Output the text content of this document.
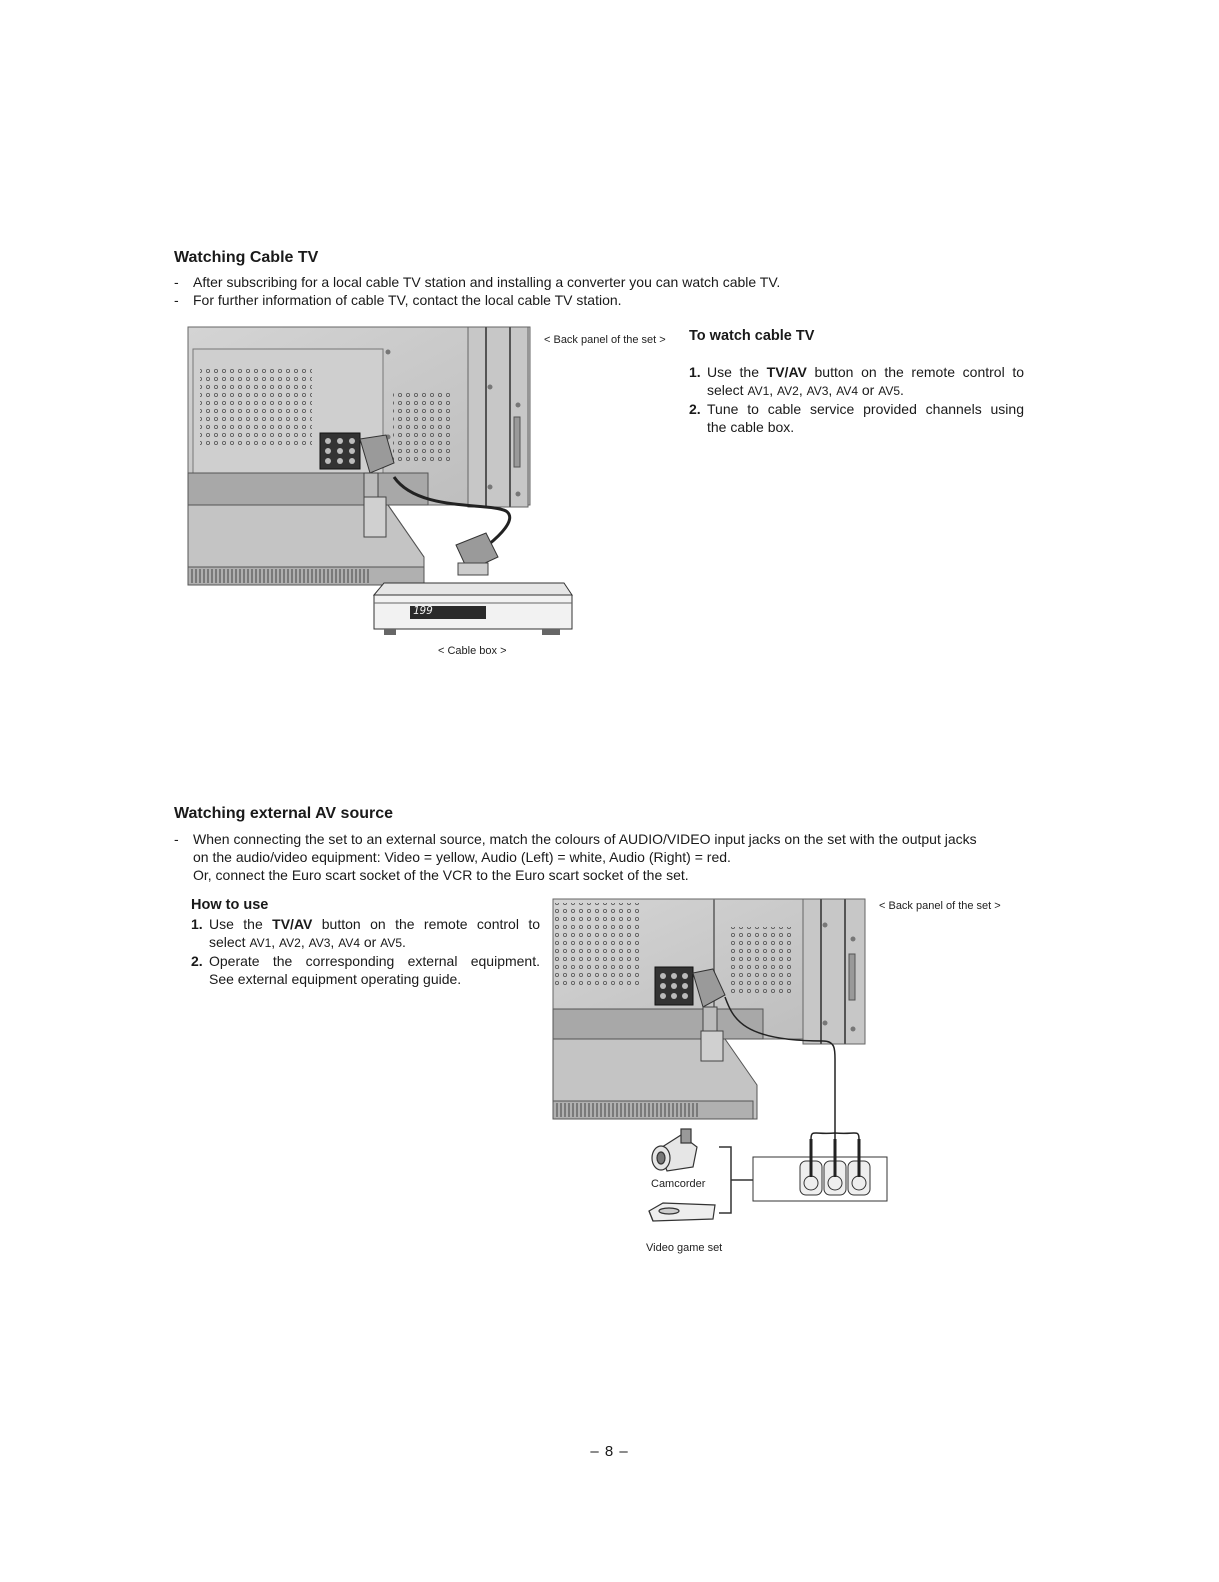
Watching Cable TV
- After subscribing for a local cable TV station and installing a converter you can watch cable TV.
- For further information of cable TV, contact the local cable TV station.
199
< Back panel of the set >
< Cable box >
To watch cable TV
1. Use the TV/AV button on the remote control to
select AV1, AV2, AV3, AV4 or AV5.
2. Tune to cable service provided channels using
the cable box.
Watching external AV source
- When connecting the set to an external source, match the colours of AUDIO/VIDEO input jacks on the set with the output jacks
on the audio/video equipment: Video = yellow, Audio (Left) = white, Audio (Right) = red.
Or, connect the Euro scart socket of the VCR to the Euro scart socket of the set.
How to use
1. Use the TV/AV button on the remote control to
select AV1, AV2, AV3, AV4 or AV5.
2. Operate the corresponding external equipment.
See external equipment operating guide.
< Back panel of the set >
Camcorder
Video game set
– 8 –
